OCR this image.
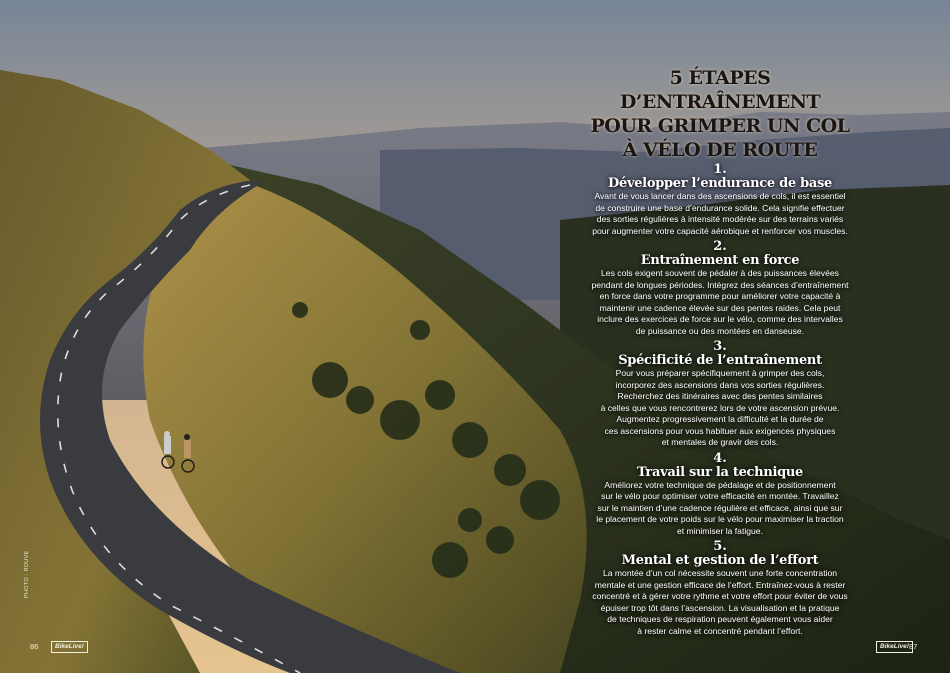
5 ÉTAPES D’ENTRAÎNEMENT
POUR GRIMPER UN COL
À VÉLO DE ROUTE
1.
Développer l’endurance de base
Avant de vous lancer dans des ascensions de cols, il est essentiel
de construire une base d’endurance solide. Cela signifie effectuer
des sorties régulières à intensité modérée sur des terrains variés
pour augmenter votre capacité aérobique et renforcer vos muscles.
2.
Entraînement en force
Les cols exigent souvent de pédaler à des puissances élevées
pendant de longues périodes. Intégrez des séances d’entraînement
en force dans votre programme pour améliorer votre capacité à
maintenir une cadence élevée sur des pentes raides. Cela peut
inclure des exercices de force sur le vélo, comme des intervalles
de puissance ou des montées en danseuse.
3.
Spécificité de l’entraînement
Pour vous préparer spécifiquement à grimper des cols,
incorporez des ascensions dans vos sorties régulières.
Recherchez des itinéraires avec des pentes similaires
à celles que vous rencontrerez lors de votre ascension prévue.
Augmentez progressivement la difficulté et la durée de
ces ascensions pour vous habituer aux exigences physiques
et mentales de gravir des cols.
4.
Travail sur la technique
Améliorez votre technique de pédalage et de positionnement
sur le vélo pour optimiser votre efficacité en montée. Travaillez
sur le maintien d’une cadence régulière et efficace, ainsi que sur
le placement de votre poids sur le vélo pour maximiser la traction
et minimiser la fatigue.
5.
Mental et gestion de l’effort
La montée d’un col nécessite souvent une forte concentration
mentale et une gestion efficace de l’effort. Entraînez-vous à rester
concentré et à gérer votre rythme et votre effort pour éviter de vous
épuiser trop tôt dans l’ascension. La visualisation et la pratique
de techniques de respiration peuvent également vous aider
à rester calme et concentré pendant l’effort.
PHOTO : ROUVE
86	BikeLive!	BikeLive! 87
